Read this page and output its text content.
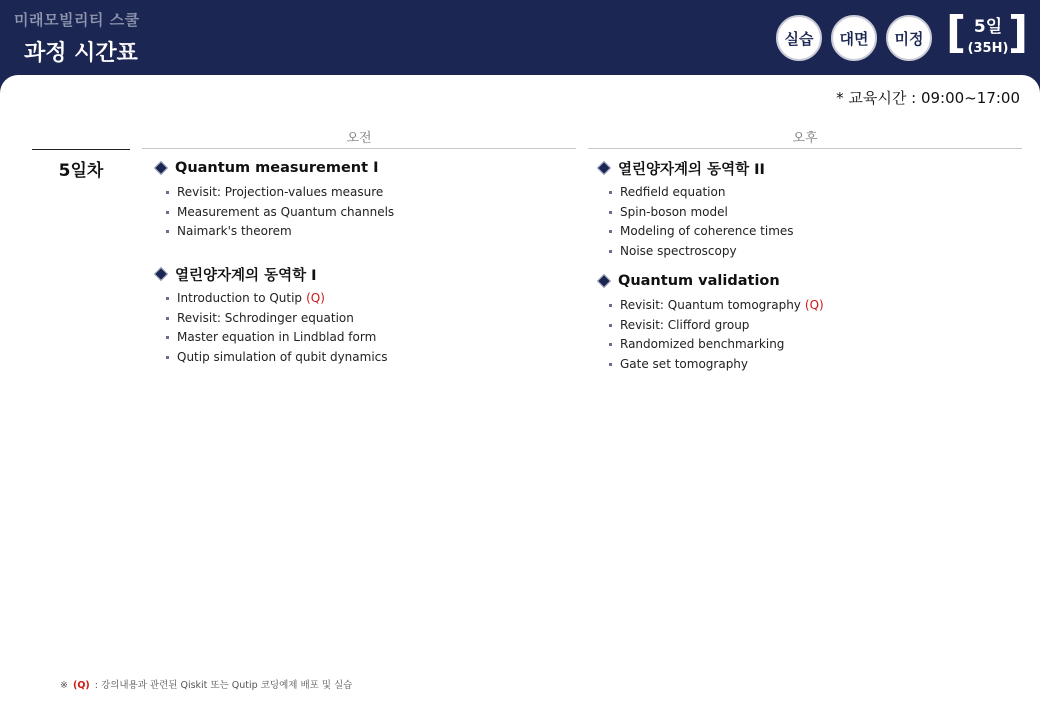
미래모빌리티 스쿨
과정 시간표
실습	대면	미정 [ 5일
(35H) ]
* 교육시간 : 09:00~17:00
오전	오후
5일차	Quantum measurement I
Revisit: Projection-values measure
Measurement as Quantum channels
Naimark's theorem
열린양자계의 동역학 I
Introduction to Qutip (Q)
Revisit: Schrodinger equation
Master equation in Lindblad form
Qutip simulation of qubit dynamics
열린양자계의 동역학 II
Redfield equation
Spin-boson model
Modeling of coherence times
Noise spectroscopy
Quantum validation
Revisit: Quantum tomography (Q)
Revisit: Clifford group
Randomized benchmarking
Gate set tomography
※ (Q) : 강의내용과 관련된 Qiskit 또는 Qutip 코딩예제 배포 및 실습
